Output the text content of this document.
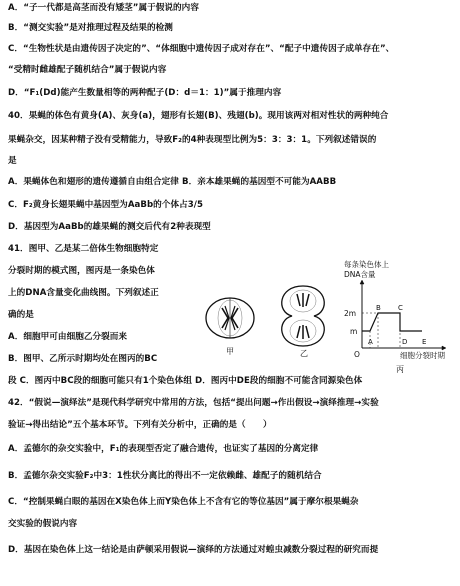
A．“子一代都是高茎而没有矮茎”属于假说的内容
B．“测交实验”是对推理过程及结果的检测
C．“生物性状是由遗传因子决定的”、“体细胞中遗传因子成对存在”、“配子中遗传因子成单存在”、
“受精时雌雄配子随机结合”属于假说内容
D．“F₁(Dd)能产生数量相等的两种配子(D：d＝1：1)”属于推理内容
40．果蝇的体色有黄身(A)、灰身(a)，翅形有长翅(B)、残翅(b)。现用该两对相对性状的两种纯合
果蝇杂交，因某种精子没有受精能力，导致F₂的4种表现型比例为5：3：3：1。下列叙述错误的
是
A．果蝇体色和翅形的遗传遵循自由组合定律 B．亲本雄果蝇的基因型不可能为AABB
C．F₂黄身长翅果蝇中基因型为AaBb的个体占3/5
D．基因型为AaBb的雄果蝇的测交后代有2种表现型
41．图甲、乙是某二倍体生物细胞特定
分裂时期的模式图，图丙是一条染色体
上的DNA含量变化曲线图。下列叙述正
确的是
A．细胞甲可由细胞乙分裂而来
B．图甲、乙所示时期均处在图丙的BC
段 C．图丙中BC段的细胞可能只有1个染色体组 D．图丙中DE段的细胞不可能含同源染色体
42．“假说—演绎法”是现代科学研究中常用的方法，包括“提出问题→作出假设→演绎推理→实验
验证→得出结论”五个基本环节。下列有关分析中，正确的是（　　）
A．孟德尔的杂交实验中，F₁的表现型否定了融合遗传，也证实了基因的分离定律
B．孟德尔杂交实验F₂中3：1性状分离比的得出不一定依赖雌、雄配子的随机结合
C．“控制果蝇白眼的基因在X染色体上而Y染色体上不含有它的等位基因”属于摩尔根果蝇杂
交实验的假说内容
D．基因在染色体上这一结论是由萨顿采用假说—演绎的方法通过对蝗虫减数分裂过程的研究而提
甲	乙
每条染色体上
DNA含量
2m
m
O
A
B C
D E
细胞分裂时期
丙
